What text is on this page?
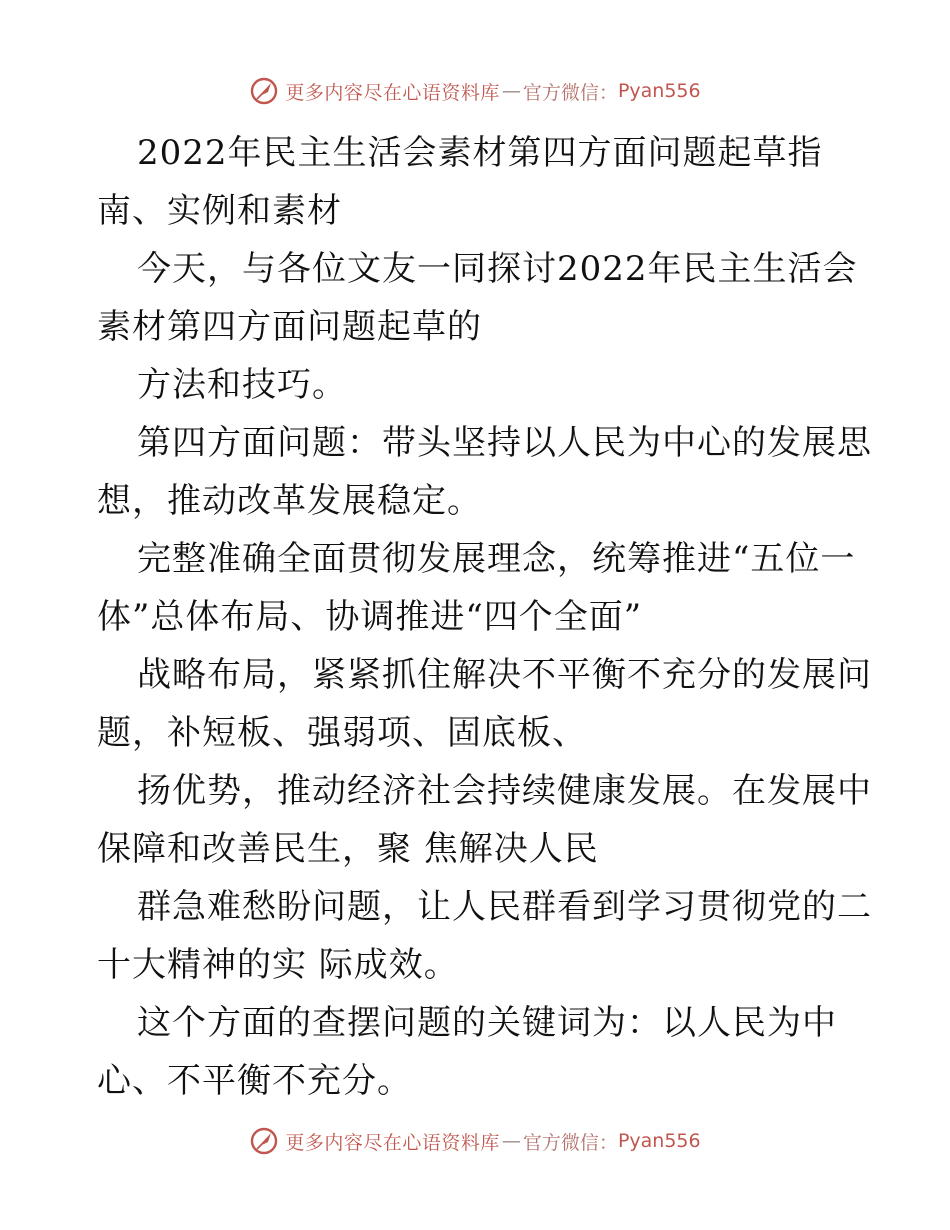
更多内容尽在心语资料库 — 官方微信： Pyan556
2022年民主生活会素材第四方面问题起草指
南、实例和素材
今天，与各位文友一同探讨2022年民主生活会
素材第四方面问题起草的
方法和技巧。
第四方面问题：带头坚持以人民为中心的发展思
想，推动改革发展稳定。
完整准确全面贯彻发展理念，统筹推进“五位一
体”总体布局、协调推进“四个全面”
战略布局，紧紧抓住解决不平衡不充分的发展问
题，补短板、强弱项、固底板、
扬优势，推动经济社会持续健康发展。在发展中
保障和改善民生，聚 焦解决人民
群急难愁盼问题，让人民群看到学习贯彻党的二
十大精神的实 际成效。
这个方面的查摆问题的关键词为：以人民为中
心、不平衡不充分。
更多内容尽在心语资料库 — 官方微信： Pyan556
